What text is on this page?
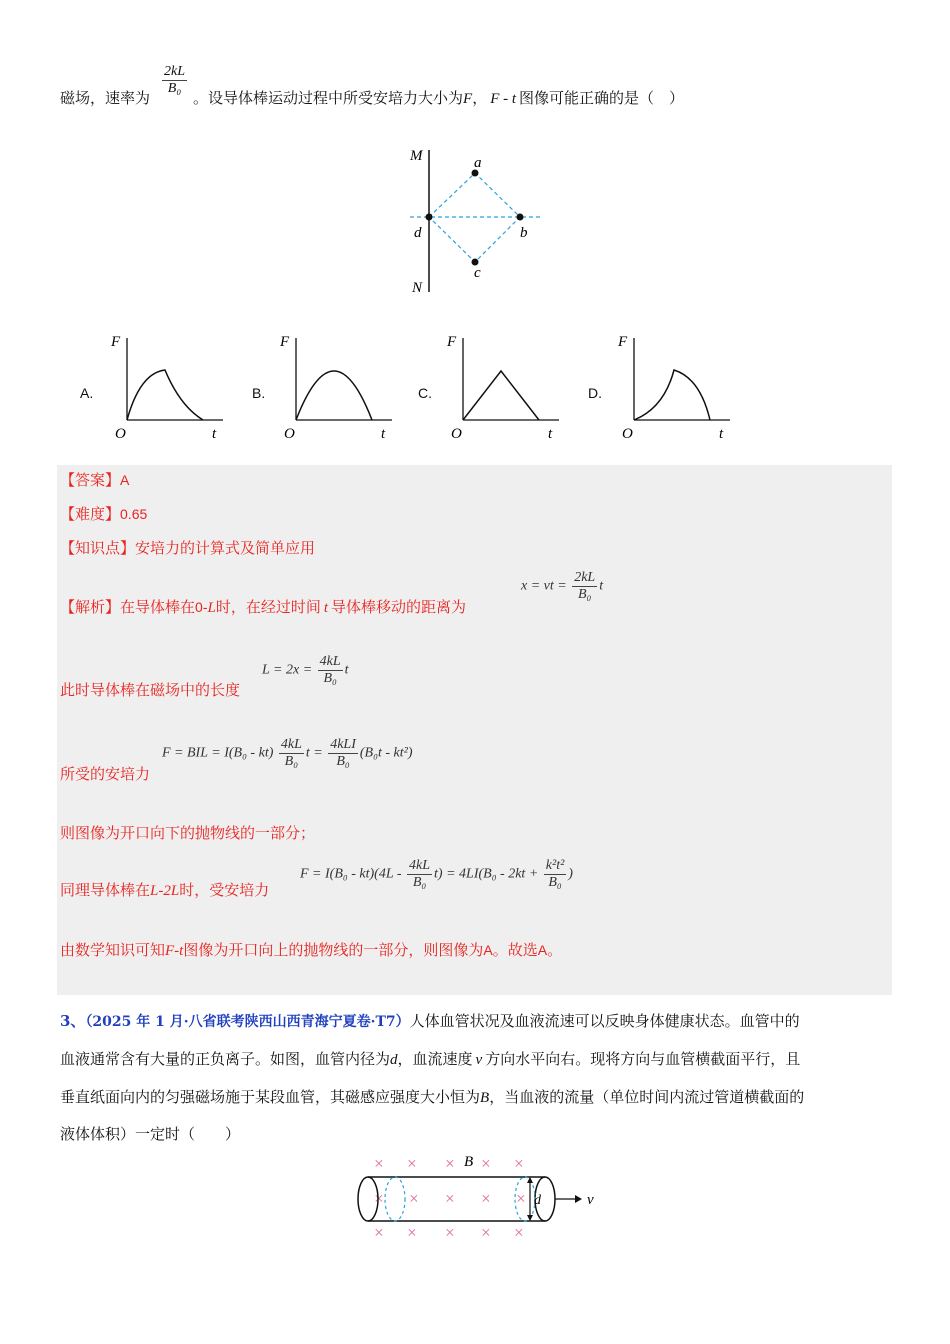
磁场，速率为
$\frac{2kL}{\text{B₀}}$
。设导体棒运动过程中所受安培力大小为F， F - t 图像可能正确的是（　）
M
N
a
b
c
d
A.
F
O	t
B.
F
O	t
C.
F
O	t
D.
F
O	t
【答案】A
【难度】0.65
【知识点】安培力的计算式及简单应用
【解析】在导体棒在0-L时，在经过时间 t 导体棒移动的距离为
x = vt = $\frac{2kL}{\text{B₀}}$ t
此时导体棒在磁场中的长度
$L = 2x = \frac{4kL}{\text{B₀}}$ t
所受的安培力
F = BIL = $I(B_0 - kt) \frac{4kL}{\text{B₀}}$ $t = \frac{\text{4kLI}}{\text{B₀}} (B_0t - kt^2)$
则图像为开口向下的抛物线的一部分；
同理导体棒在L-2L时，受安培力
$F = I(B_0 - kt)(4L - \frac{4kL}{\text{B₀}} t) = 4LI(B_0 - 2kt + \frac{\text{k²t²}}{\text{B₀}}$ )
由数学知识可知F-t图像为开口向上的抛物线的一部分，则图像为A。故选A。
3、（2025 年 1 月·八省联考陕西山西青海宁夏卷·T7）人体血管状况及血液流速可以反映身体健康状态。血管中的
血液通常含有大量的正负离子。如图，血管内径为d，血流速度 v 方向水平向右。现将方向与血管横截面平行，且
垂直纸面向内的匀强磁场施于某段血管，其磁感应强度大小恒为B，当血液的流量（单位时间内流过管道横截面的
液体体积）一定时（　　）
× × × × ×
× × × × ×
× × × × ×
B
d	v
